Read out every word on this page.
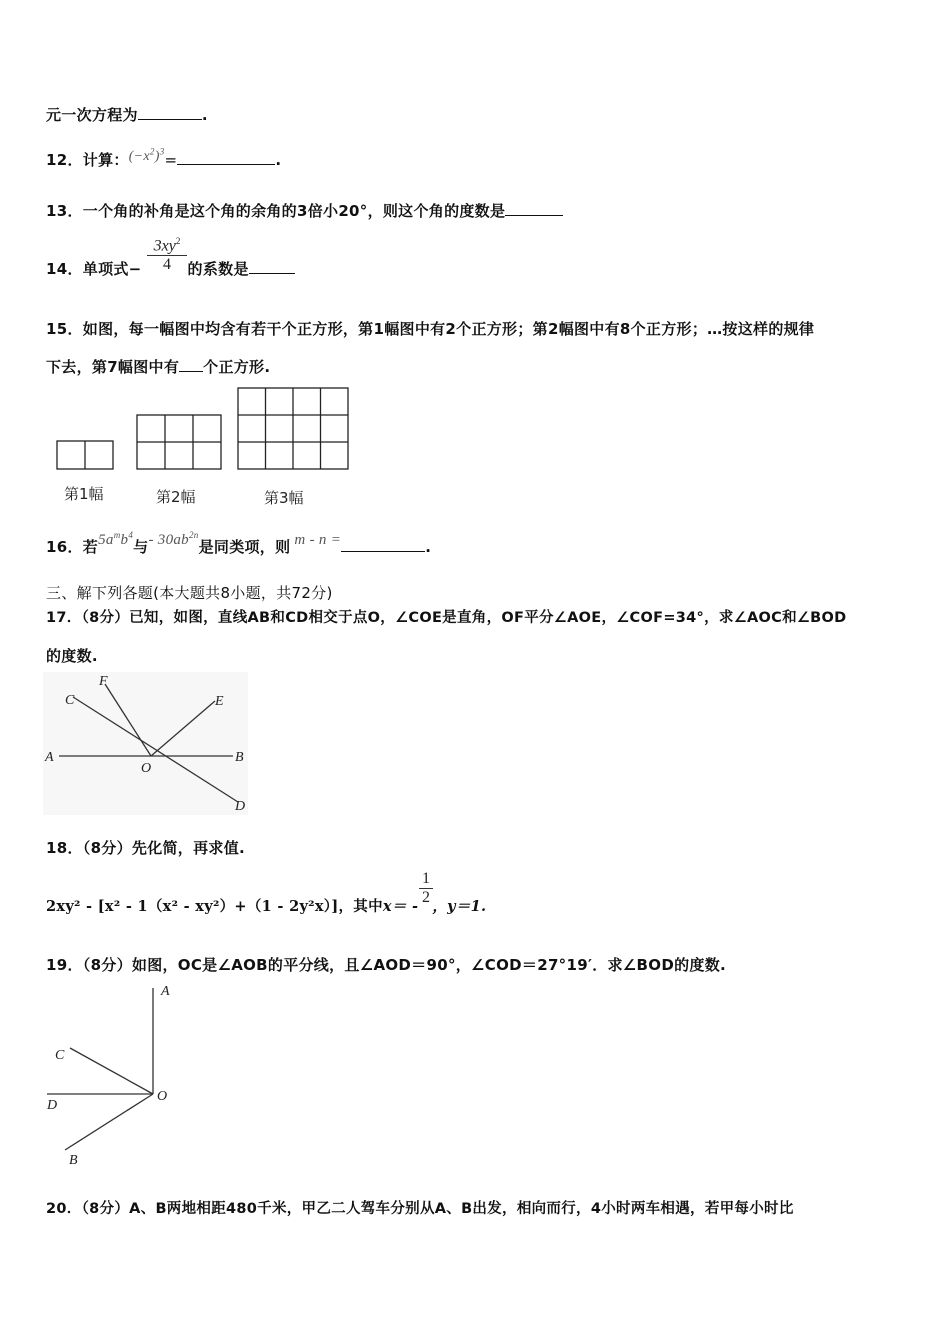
元一次方程为	.
12．计算：$(-x^2)^3=$	.
13．一个角的补角是这个角的余角的3倍小20°，则这个角的度数是
14．单项式−	的系数是
$\frac{3xy^2}{4}$
15．如图，每一幅图中均含有若干个正方形，第1幅图中有2个正方形；第2幅图中有8个正方形；…按这样的规律
下去，第7幅图中有 个正方形.
第1幅	第2幅	第3幅
16．若$5a^mb^4$与- $30ab^{2n}$是同类项，则 m - n =	.
三、解下列各题(本大题共8小题，共72分)
17．（8分）已知，如图，直线AB和CD相交于点O，∠COE是直角，OF平分∠AOE，∠COF=34°，求∠AOC和∠BOD
的度数.
A	B
C
D
E
F
O
18．（8分）先化简，再求值.
2xy² - [x² - 1（x² - xy²）+（1 - 2y²x）]，其中x＝ - ，y＝1.
$\frac{1}{2}$
19．（8分）如图，OC是∠AOB的平分线，且∠AOD＝90°，∠COD＝27°19′．求∠BOD的度数.
A
C
D
O
B
20．（8分）A、B两地相距480千米，甲乙二人驾车分别从A、B出发，相向而行，4小时两车相遇，若甲每小时比
